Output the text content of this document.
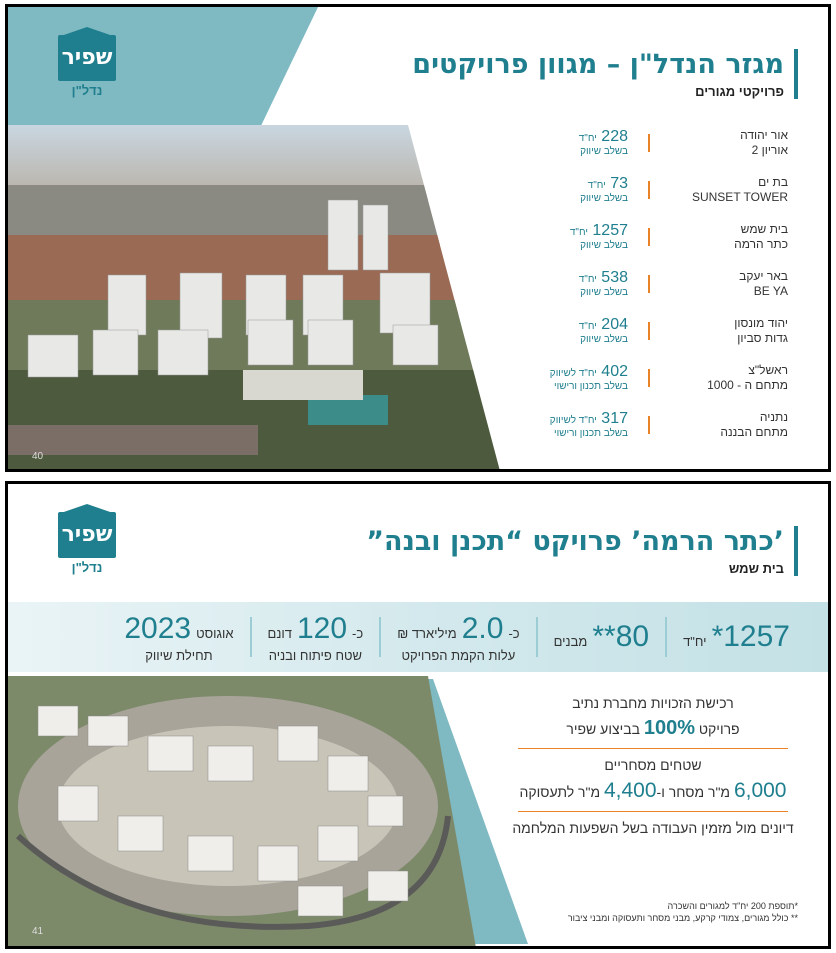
שפיר
נדל"ן
מגזר הנדל"ן – מגוון פרויקטים
פרויקטי מגורים
40
אור יהודה
אוריון 2
228 יח"ד
בשלב שיווק
בת ים
SUNSET TOWER
73 יח"ד
בשלב שיווק
בית שמש
כתר הרמה
1257 יח"ד
בשלב שיווק
באר יעקב
BE YA
538 יח"ד
בשלב שיווק
יהוד מונסון
גדות סביון
204 יח"ד
בשלב שיווק
ראשל"צ
מתחם ה - 1000
402 יח"ד לשיווק
בשלב תכנון ורישוי
נתניה
מתחם הבננה
317 יח"ד לשיווק
בשלב תכנון ורישוי
שפיר
נדל"ן
’כתר הרמה’ פרויקט “תכנן ובנה”
בית שמש
1257*
יח"ד
80**
מבנים
כ-
2.0
מיליארד ₪
עלות הקמת הפרויקט
כ-
120
דונם
שטח פיתוח ובניה
אוגוסט
2023
תחילת שיווק
41
רכישת הזכויות מחברת נתיב
פרויקט 100% בביצוע שפיר
שטחים מסחריים
6,000 מ"ר מסחר ו-4,400 מ"ר לתעסוקה
דיונים מול מזמין העבודה בשל השפעות המלחמה
*תוספת 200 יח"ד למגורים והשכרה
** כולל מגורים, צמודי קרקע, מבני מסחר ותעסוקה ומבני ציבור
